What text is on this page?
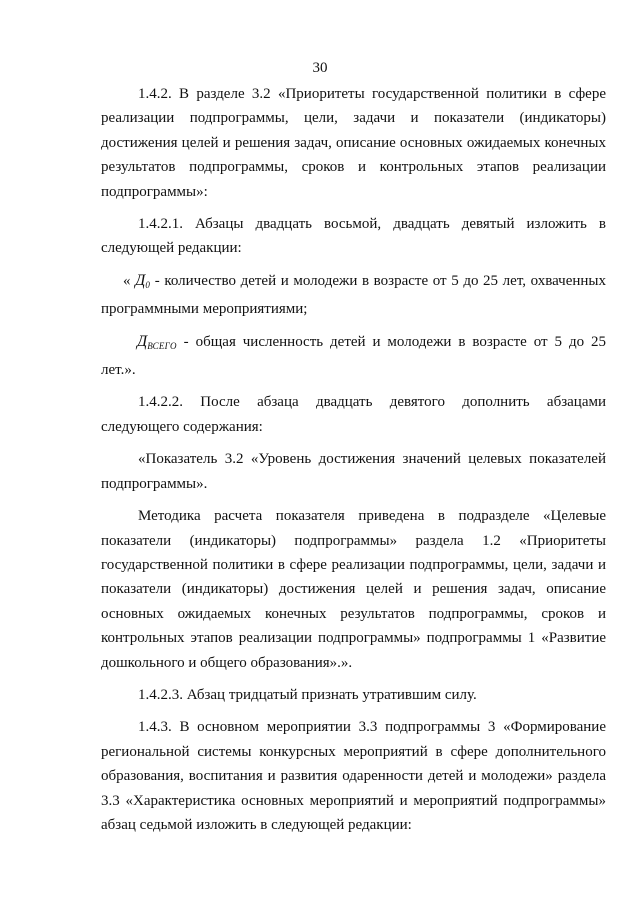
30

1.4.2. В разделе 3.2 «Приоритеты государственной политики в сфере реализации подпрограммы, цели, задачи и показатели (индикаторы) достижения целей и решения задач, описание основных ожидаемых конечных результатов подпрограммы, сроков и контрольных этапов реализации подпрограммы»:

1.4.2.1. Абзацы двадцать восьмой, двадцать девятый изложить в следующей редакции:

« $Д_0$ - количество детей и молодежи в возрасте от 5 до 25 лет, охваченных программными мероприятиями;

$Д_{ВСЕГО}$ - общая численность детей и молодежи в возрасте от 5 до 25 лет.».

1.4.2.2. После абзаца двадцать девятого дополнить абзацами следующего содержания:

«Показатель 3.2 «Уровень достижения значений целевых показателей подпрограммы».

Методика расчета показателя приведена в подразделе «Целевые показатели (индикаторы) подпрограммы» раздела 1.2 «Приоритеты государственной политики в сфере реализации подпрограммы, цели, задачи и показатели (индикаторы) достижения целей и решения задач, описание основных ожидаемых конечных результатов подпрограммы, сроков и контрольных этапов реализации подпрограммы» подпрограммы 1 «Развитие дошкольного и общего образования».».

1.4.2.3. Абзац тридцатый признать утратившим силу.

1.4.3. В основном мероприятии 3.3 подпрограммы 3 «Формирование региональной системы конкурсных мероприятий в сфере дополнительного образования, воспитания и развития одаренности детей и молодежи» раздела 3.3 «Характеристика основных мероприятий и мероприятий подпрограммы» абзац седьмой изложить в следующей редакции:
